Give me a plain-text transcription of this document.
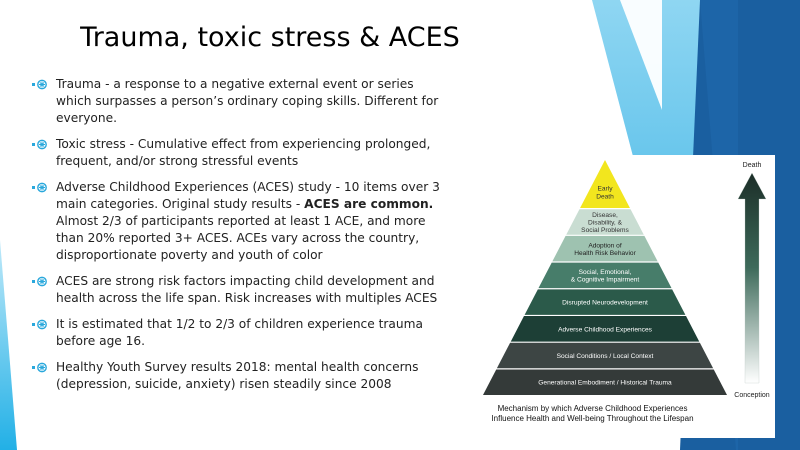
Trauma, toxic stress & ACES
Trauma - a response to a negative external event or series which surpasses a person’s ordinary coping skills. Different for everyone.
Toxic stress - Cumulative effect from experiencing prolonged, frequent, and/or strong stressful events
Adverse Childhood Experiences (ACES) study - 10 items over 3 main categories. Original study results - ACES are common. Almost 2/3 of participants reported at least 1 ACE, and more than 20% reported 3+ ACES. ACEs vary across the country, disproportionate poverty and youth of color
ACES are strong risk factors impacting child development and health across the life span. Risk increases with multiples ACES
It is estimated that 1/2 to 2/3 of children experience trauma before age 16.
Healthy Youth Survey results 2018: mental health concerns (depression, suicide, anxiety) risen steadily since 2008
Early
Death
Disease,
Disability, &
Social Problems
Adoption of
Health Risk Behavior
Social, Emotional,
& Cognitive Impairment
Disrupted Neurodevelopment
Adverse Childhood Experiences
Social Conditions / Local Context
Generational Embodiment / Historical Trauma
Death
Conception
Mechanism by which Adverse Childhood Experiences
Influence Health and Well-being Throughout the Lifespan
